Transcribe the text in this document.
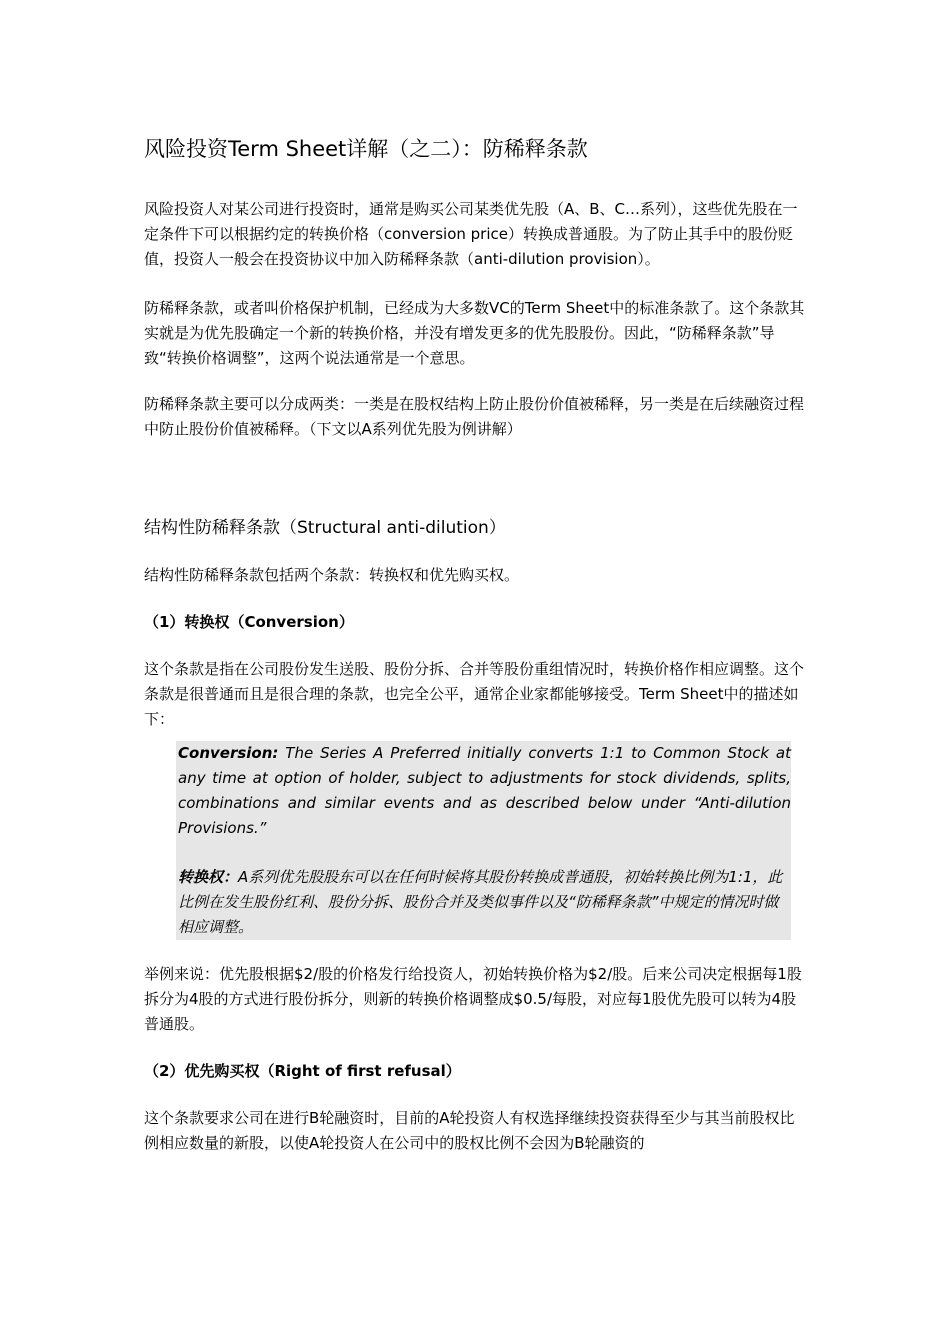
风险投资Term Sheet详解（之二）：防稀释条款

风险投资人对某公司进行投资时，通常是购买公司某类优先股（A、B、C…系列），这些优先股在一定条件下可以根据约定的转换价格（conversion price）转换成普通股。为了防止其手中的股份贬值，投资人一般会在投资协议中加入防稀释条款（anti-dilution provision）。

防稀释条款，或者叫价格保护机制，已经成为大多数VC的Term Sheet中的标准条款了。这个条款其实就是为优先股确定一个新的转换价格，并没有增发更多的优先股股份。因此，“防稀释条款”导致“转换价格调整”，这两个说法通常是一个意思。

防稀释条款主要可以分成两类：一类是在股权结构上防止股份价值被稀释，另一类是在后续融资过程中防止股份价值被稀释。（下文以A系列优先股为例讲解）

结构性防稀释条款（Structural anti-dilution）

结构性防稀释条款包括两个条款：转换权和优先购买权。

（1）转换权（Conversion）

这个条款是指在公司股份发生送股、股份分拆、合并等股份重组情况时，转换价格作相应调整。这个条款是很普通而且是很合理的条款，也完全公平，通常企业家都能够接受。Term Sheet中的描述如下：

Conversion: The Series A Preferred initially converts 1:1 to Common Stock at any time at option of holder, subject to adjustments for stock dividends, splits, combinations and similar events and as described below under “Anti-dilution Provisions.”

转换权：A系列优先股股东可以在任何时候将其股份转换成普通股，初始转换比例为1:1，此比例在发生股份红利、股份分拆、股份合并及类似事件以及“防稀释条款”中规定的情况时做相应调整。

举例来说：优先股根据$2/股的价格发行给投资人，初始转换价格为$2/股。后来公司决定根据每1股拆分为4股的方式进行股份拆分，则新的转换价格调整成$0.5/每股，对应每1股优先股可以转为4股普通股。

（2）优先购买权（Right of first refusal）

这个条款要求公司在进行B轮融资时，目前的A轮投资人有权选择继续投资获得至少与其当前股权比例相应数量的新股，以使A轮投资人在公司中的股权比例不会因为B轮融资的
